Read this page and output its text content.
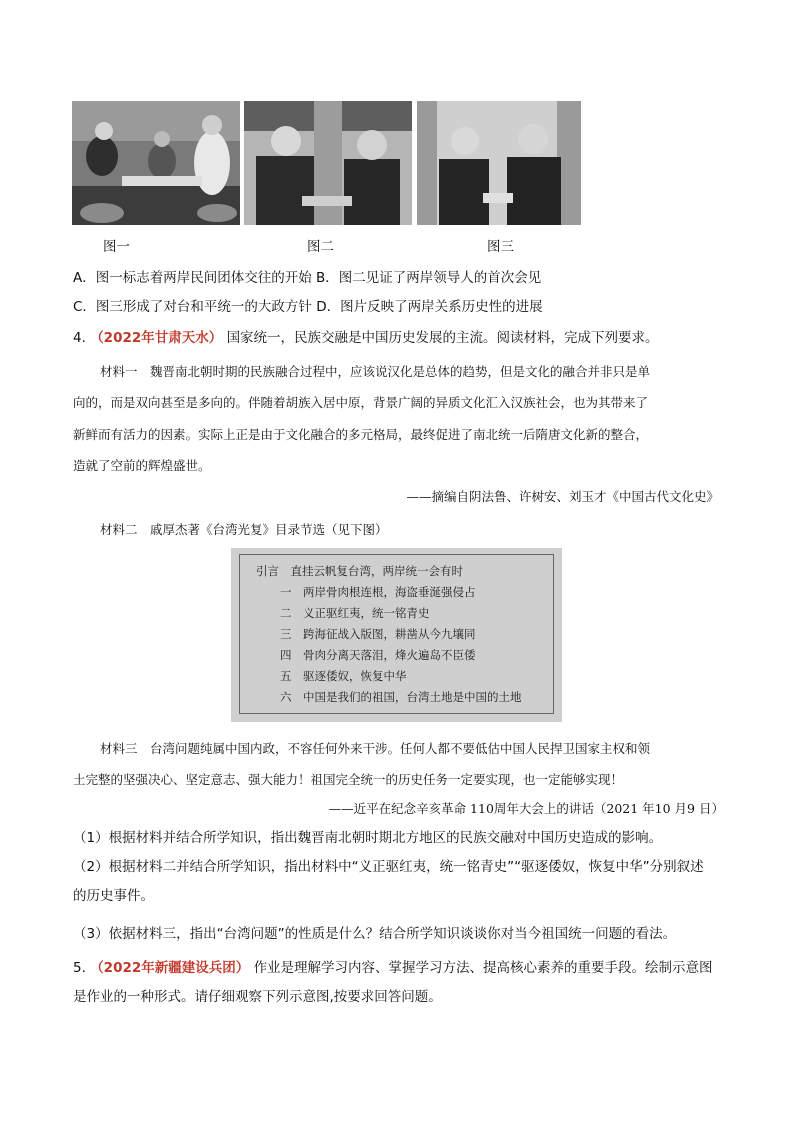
图一	图二	图三
A．图一标志着两岸民间团体交往的开始 B．图二见证了两岸领导人的首次会见
C．图三形成了对台和平统一的大政方针 D．图片反映了两岸关系历史性的进展
4. （2022年甘肃天水） 国家统一，民族交融是中国历史发展的主流。阅读材料，完成下列要求。
材料一　魏晋南北朝时期的民族融合过程中，应该说汉化是总体的趋势，但是文化的融合并非只是单
向的，而是双向甚至是多向的。伴随着胡族入居中原，背景广阔的异质文化汇入汉族社会，也为其带来了
新鲜而有活力的因素。实际上正是由于文化融合的多元格局，最终促进了南北统一后隋唐文化新的整合，
造就了空前的辉煌盛世。
——摘编自阴法鲁、许树安、刘玉才《中国古代文化史》
材料二　戚厚杰著《台湾光复》目录节选（见下图）
引言　直挂云帆复台湾，两岸统一会有时
一　两岸骨肉根连根，海盗垂涎强侵占
二　义正驱红夷，统一铭青史
三　跨海征战入版图，耕凿从今九壤同
四　骨肉分离天落泪，烽火遍岛不臣倭
五　驱逐倭奴，恢复中华
六　中国是我们的祖国，台湾土地是中国的土地
材料三　台湾问题纯属中国内政，不容任何外来干涉。任何人都不要低估中国人民捍卫国家主权和领
土完整的坚强决心、坚定意志、强大能力！祖国完全统一的历史任务一定要实现，也一定能够实现！
——近平在纪念辛亥革命 110周年大会上的讲话（2021 年10 月9 日）
（1）根据材料并结合所学知识，指出魏晋南北朝时期北方地区的民族交融对中国历史造成的影响。
（2）根据材料二并结合所学知识，指出材料中“义正驱红夷，统一铭青史”“驱逐倭奴，恢复中华”分别叙述
的历史事件。
（3）依据材料三，指出“台湾问题”的性质是什么？结合所学知识谈谈你对当今祖国统一问题的看法。
5. （2022年新疆建设兵团） 作业是理解学习内容、掌握学习方法、提高核心素养的重要手段。绘制示意图
是作业的一种形式。请仔细观察下列示意图,按要求回答问题。
